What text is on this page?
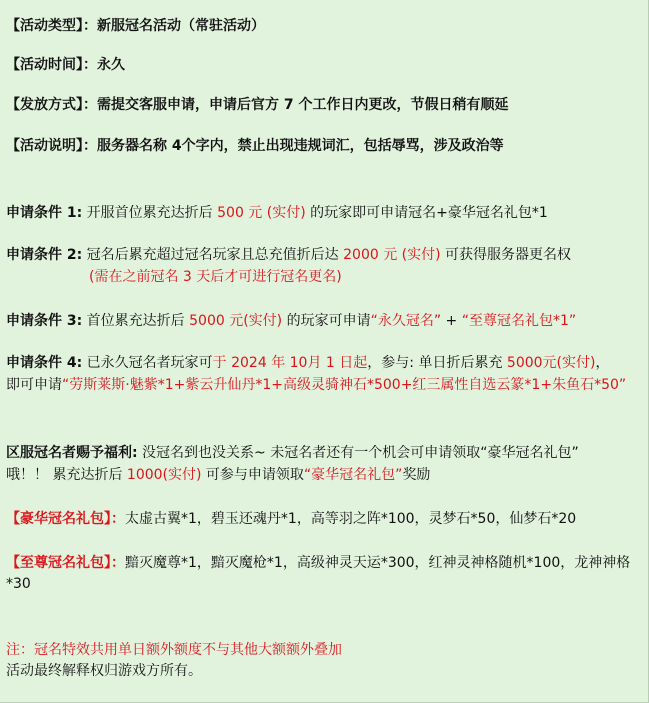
【活动类型】：新服冠名活动（常驻活动）
【活动时间】：永久
【发放方式】：需提交客服申请，申请后官方 7 个工作日内更改，节假日稍有顺延
【活动说明】：服务器名称 4个字内，禁止出现违规词汇，包括辱骂，涉及政治等
申请条件 1: 开服首位累充达折后 500 元 (实付) 的玩家即可申请冠名+豪华冠名礼包*1
申请条件 2: 冠名后累充超过冠名玩家且总充值折后达 2000 元 (实付) 可获得服务器更名权
(需在之前冠名 3 天后才可进行冠名更名)
申请条件 3: 首位累充达折后 5000 元(实付) 的玩家可申请“永久冠名” + “至尊冠名礼包*1”
申请条件 4: 已永久冠名者玩家可于 2024 年 10月 1 日起，参与: 单日折后累充 5000元(实付)，
即可申请“劳斯莱斯·魅紫*1+紫云升仙丹*1+高级灵骑神石*500+红三属性自选云篆*1+朱鱼石*50”
区服冠名者赐予福利: 没冠名到也没关系~ 未冠名者还有一个机会可申请领取“豪华冠名礼包”
哦！！ 累充达折后 1000(实付) 可参与申请领取“豪华冠名礼包”奖励
【豪华冠名礼包】：太虚古翼*1，碧玉还魂丹*1，高等羽之阵*100，灵梦石*50，仙梦石*20
【至尊冠名礼包】：黯灭魔尊*1，黯灭魔枪*1，高级神灵天运*300，红神灵神格随机*100，龙神神格*30
注：冠名特效共用单日额外额度不与其他大额额外叠加
活动最终解释权归游戏方所有。
